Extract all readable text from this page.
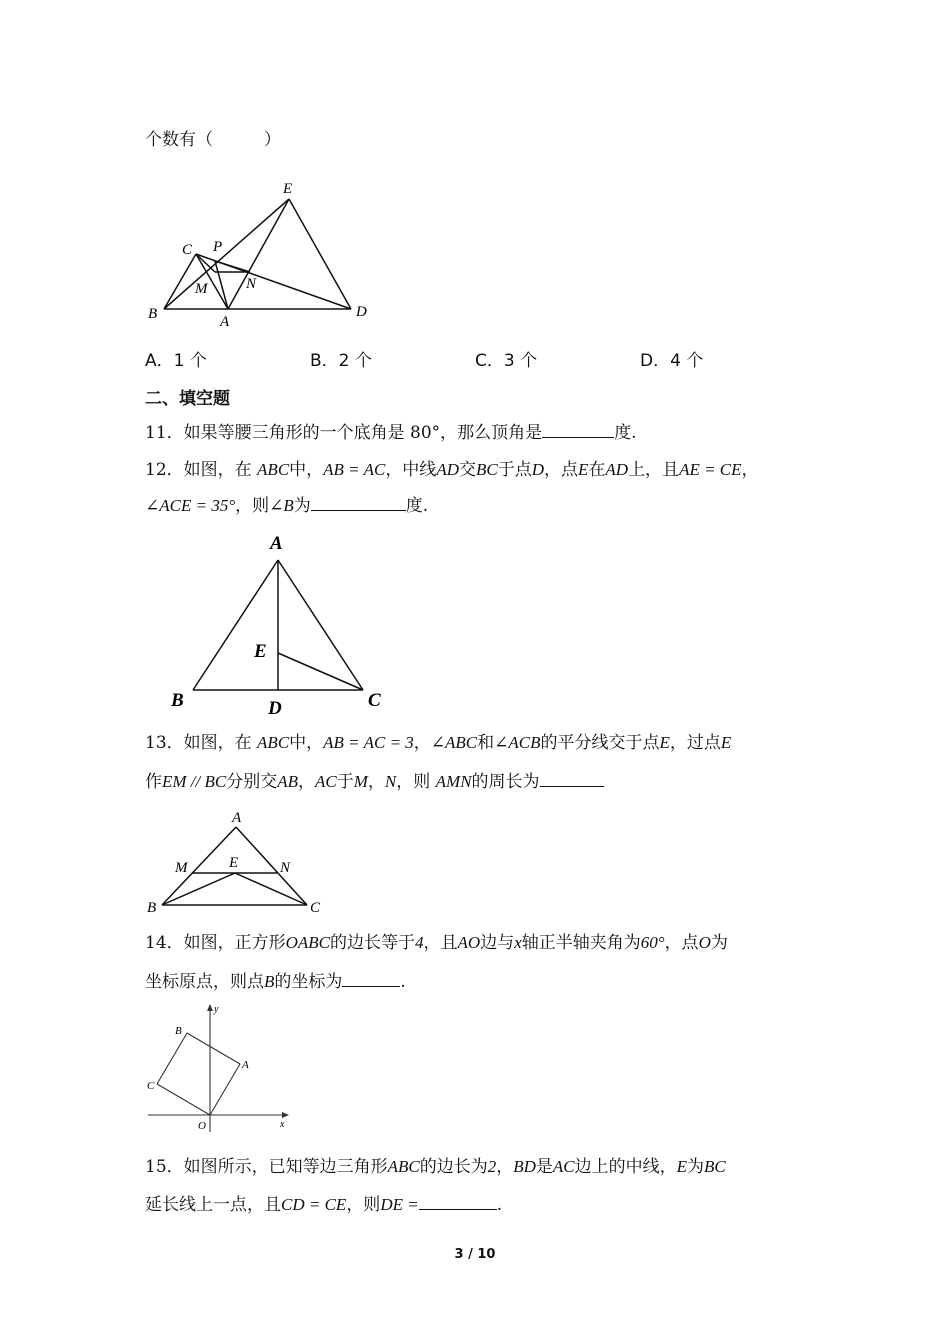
个数有（　　　）
E
C P
M	N
B	A
D
A．1 个	B．2 个	C．3 个	D．4 个
二、填空题
11．如果等腰三角形的一个底角是 80°，那么顶角是	度.
12．如图，在 ABC中，AB = AC，中线AD交BC于点D，点E在AD上，且AE = CE，
∠ACE = 35°，则∠B为	度.
A
E
B	D	C
13．如图，在 ABC中，AB = AC = 3，∠ABC和∠ACB的平分线交于点E，过点E
作EM // BC分别交AB，AC于M，N，则 AMN的周长为
A
M	E	N
B	C
14．如图，正方形OABC的边长等于4，且AO边与x轴正半轴夹角为60°，点O为
坐标原点，则点B的坐标为	.
y
B
A
C
O	x
15．如图所示，已知等边三角形ABC的边长为2，BD是AC边上的中线，E为BC
延长线上一点，且CD = CE，则DE =	.
3 / 10
